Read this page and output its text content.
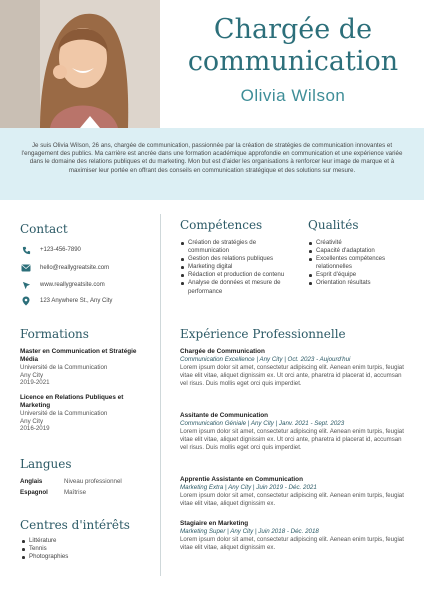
Chargée de
communication
Olivia Wilson
Je suis Olivia Wilson, 26 ans, chargée de communication, passionnée par la création de stratégies de communication innovantes et l'engagement des publics. Ma carrière est ancrée dans une formation académique approfondie en communication et une expérience variée dans le domaine des relations publiques et du marketing. Mon but est d'aider les organisations à renforcer leur image de marque et à maximiser leur portée en offrant des conseils en communication stratégique et des solutions sur mesure.
Contact
+123-456-7890
hello@reallygreatsite.com
www.reallygreatsite.com
123 Anywhere St., Any City
Formations
Master en Communication et Stratégie Média
Université de la Communication
Any City
2019-2021
Licence en Relations Publiques et Marketing
Université de la Communication
Any City
2016-2019
Langues
Anglais	Niveau professionnel
Espagnol	Maîtrise
Centres d'intérêts
Littérature
Tennis
Photographies
Compétences
Création de stratégies de communication
Gestion des relations publiques
Marketing digital
Rédaction et production de contenu
Analyse de données et mesure de performance
Qualités
Créativité
Capacité d'adaptation
Excellentes compétences relationnelles
Esprit d'équipe
Orientation résultats
Expérience Professionnelle
Chargée de Communication
Communication Excellence | Any City | Oct. 2023 - Aujourd'hui
Lorem ipsum dolor sit amet, consectetur adipiscing elit. Aenean enim turpis, feugiat vitae elit vitae, aliquet dignissim ex. Ut orci ante, pharetra id placerat id, accumsan vel risus. Duis mollis eget orci quis imperdiet.
Assitante de Communication
Communication Géniale | Any City | Janv. 2021 - Sept. 2023
Lorem ipsum dolor sit amet, consectetur adipiscing elit. Aenean enim turpis, feugiat vitae elit vitae, aliquet dignissim ex. Ut orci ante, pharetra id placerat id, accumsan vel risus. Duis mollis eget orci quis imperdiet.
Apprentie Assistante en Communication
Marketing Extra | Any City | Juin 2019 - Déc. 2021
Lorem ipsum dolor sit amet, consectetur adipiscing elit. Aenean enim turpis, feugiat vitae elit vitae, aliquet dignissim ex.
Stagiaire en Marketing
Marketing Super | Any City | Juin 2018 - Déc. 2018
Lorem ipsum dolor sit amet, consectetur adipiscing elit. Aenean enim turpis, feugiat vitae elit vitae, aliquet dignissim ex.
